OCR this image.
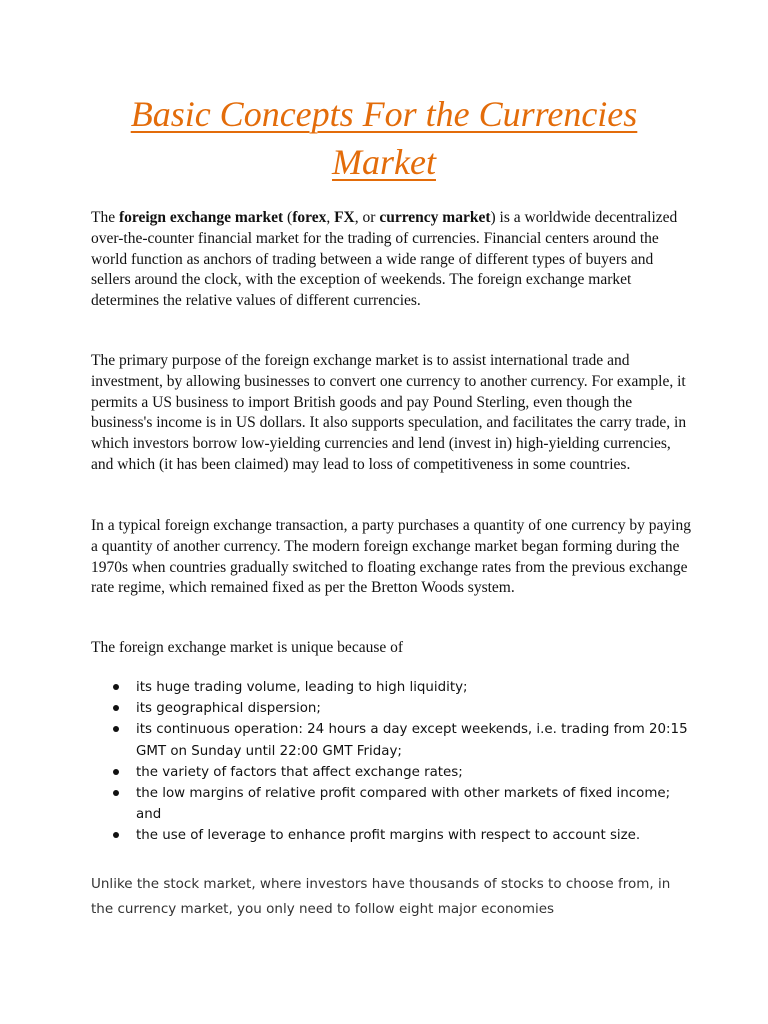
Basic Concepts For the Currencies Market

The foreign exchange market (forex, FX, or currency market) is a worldwide decentralized over-the-counter financial market for the trading of currencies. Financial centers around the world function as anchors of trading between a wide range of different types of buyers and sellers around the clock, with the exception of weekends. The foreign exchange market determines the relative values of different currencies.

The primary purpose of the foreign exchange market is to assist international trade and investment, by allowing businesses to convert one currency to another currency. For example, it permits a US business to import British goods and pay Pound Sterling, even though the business's income is in US dollars. It also supports speculation, and facilitates the carry trade, in which investors borrow low-yielding currencies and lend (invest in) high-yielding currencies, and which (it has been claimed) may lead to loss of competitiveness in some countries.

In a typical foreign exchange transaction, a party purchases a quantity of one currency by paying a quantity of another currency. The modern foreign exchange market began forming during the 1970s when countries gradually switched to floating exchange rates from the previous exchange rate regime, which remained fixed as per the Bretton Woods system.

The foreign exchange market is unique because of

its huge trading volume, leading to high liquidity;
its geographical dispersion;
its continuous operation: 24 hours a day except weekends, i.e. trading from 20:15 GMT on Sunday until 22:00 GMT Friday;
the variety of factors that affect exchange rates;
the low margins of relative profit compared with other markets of fixed income; and
the use of leverage to enhance profit margins with respect to account size.

Unlike the stock market, where investors have thousands of stocks to choose from, in the currency market, you only need to follow eight major economies
